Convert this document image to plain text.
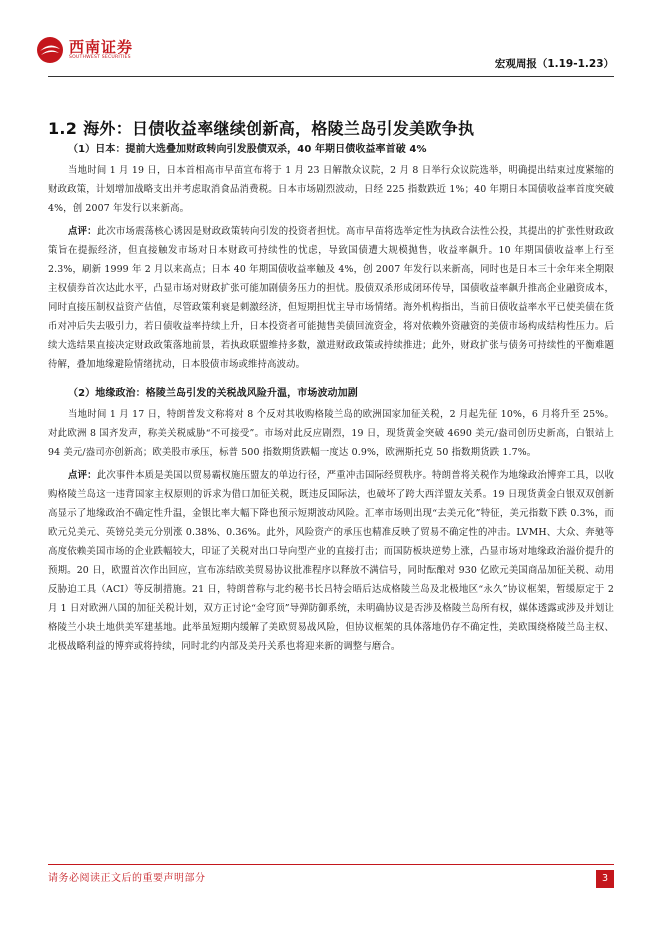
西南证券
SOUTHWEST SECURITIES
宏观周报（1.19-1.23）
1.2 海外：日债收益率继续创新高，格陵兰岛引发美欧争执
（1）日本：提前大选叠加财政转向引发股债双杀，40 年期日债收益率首破 4%

当地时间 1 月 19 日，日本首相高市早苗宣布将于 1 月 23 日解散众议院，2 月 8 日举行众议院选举，明确提出结束过度紧缩的财政政策，计划增加战略支出并考虑取消食品消费税。日本市场剧烈波动，日经 225 指数跌近 1%；40 年期日本国债收益率首度突破 4%，创 2007 年发行以来新高。

点评：此次市场震荡核心诱因是财政政策转向引发的投资者担忧。高市早苗将选举定性为执政合法性公投，其提出的扩张性财政政策旨在提振经济，但直接触发市场对日本财政可持续性的忧虑，导致国债遭大规模抛售，收益率飙升。10 年期国债收益率上行至 2.3%，刷新 1999 年 2 月以来高点；日本 40 年期国债收益率触及 4%，创 2007 年发行以来新高，同时也是日本三十余年来全期限主权债券首次达此水平，凸显市场对财政扩张可能加剧债务压力的担忧。股债双杀形成闭环传导，国债收益率飙升推高企业融资成本，同时直接压制权益资产估值，尽管政策利衰是刺激经济，但短期担忧主导市场情绪。海外机构指出，当前日债收益率水平已使美债在货币对冲后失去吸引力，若日债收益率持续上升，日本投资者可能抛售美债回流资金，将对依赖外资融资的美债市场构成结构性压力。后续大选结果直接决定财政政策落地前景，若执政联盟维持多数，激进财政政策或持续推进；此外，财政扩张与债务可持续性的平衡难题待解，叠加地缘避险情绪扰动，日本股债市场或维持高波动。

（2）地缘政治：格陵兰岛引发的关税战风险升温，市场波动加剧

当地时间 1 月 17 日，特朗普发文称将对 8 个反对其收购格陵兰岛的欧洲国家加征关税，2 月起先征 10%，6 月将升至 25%。对此欧洲 8 国齐发声，称美关税威胁“不可接受”。市场对此反应剧烈，19 日，现货黄金突破 4690 美元/盎司创历史新高，白银站上 94 美元/盎司亦创新高；欧美股市承压，标普 500 指数期货跌幅一度达 0.9%，欧洲斯托克 50 指数期货跌 1.7%。

点评：此次事件本质是美国以贸易霸权施压盟友的单边行径，严重冲击国际经贸秩序。特朗普将关税作为地缘政治博弈工具，以收购格陵兰岛这一违背国家主权原则的诉求为借口加征关税，既违反国际法，也破坏了跨大西洋盟友关系。19 日现货黄金白银双双创新高显示了地缘政治不确定性升温，金银比率大幅下降也预示短期波动风险。汇率市场则出现“去美元化”特征，美元指数下跌 0.3%，而欧元兑美元、英镑兑美元分别涨 0.38%、0.36%。此外，风险资产的承压也精准反映了贸易不确定性的冲击。LVMH、大众、奔驰等高度依赖美国市场的企业跌幅较大，印证了关税对出口导向型产业的直接打击；而国防板块逆势上涨，凸显市场对地缘政治溢价提升的预期。20 日，欧盟首次作出回应，宣布冻结欧美贸易协议批准程序以释放不满信号，同时酝酿对 930 亿欧元美国商品加征关税、动用反胁迫工具（ACI）等反制措施。21 日，特朗普称与北约秘书长吕特会晤后达成格陵兰岛及北极地区“永久”协议框架，暂缓原定于 2 月 1 日对欧洲八国的加征关税计划，双方正讨论“金穹顶”导弹防御系统，未明确协议是否涉及格陵兰岛所有权，媒体透露或涉及并划让格陵兰小块土地供美军建基地。此举虽短期内缓解了美欧贸易战风险，但协议框架的具体落地仍存不确定性，美欧围绕格陵兰岛主权、北极战略利益的博弈或将持续，同时北约内部及美丹关系也将迎来新的调整与磨合。

请务必阅读正文后的重要声明部分	3
